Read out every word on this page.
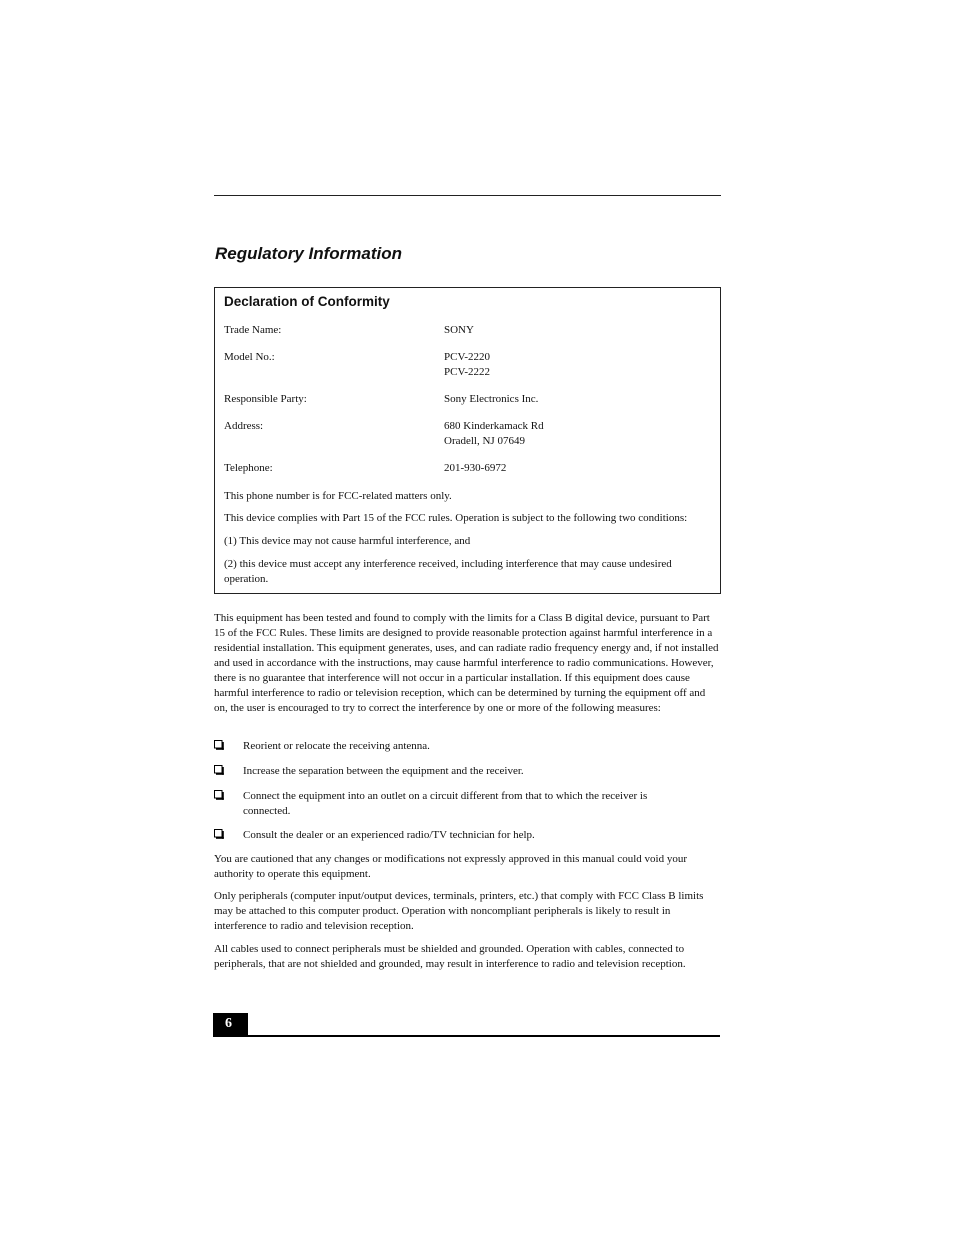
Regulatory Information
Declaration of Conformity
Trade Name:	SONY
Model No.:	PCV-2220
PCV-2222
Responsible Party:	Sony Electronics Inc.
Address:	680 Kinderkamack Rd
Oradell, NJ 07649
Telephone:	201-930-6972

This phone number is for FCC-related matters only.

This device complies with Part 15 of the FCC rules. Operation is subject to the following two conditions:

(1) This device may not cause harmful interference, and

(2) this device must accept any interference received, including interference that may cause undesired operation.

This equipment has been tested and found to comply with the limits for a Class B digital device, pursuant to Part 15 of the FCC Rules. These limits are designed to provide reasonable protection against harmful interference in a residential installation. This equipment generates, uses, and can radiate radio frequency energy and, if not installed and used in accordance with the instructions, may cause harmful interference to radio communications. However, there is no guarantee that interference will not occur in a particular installation. If this equipment does cause harmful interference to radio or television reception, which can be determined by turning the equipment off and on, the user is encouraged to try to correct the interference by one or more of the following measures:

Reorient or relocate the receiving antenna.
Increase the separation between the equipment and the receiver.
Connect the equipment into an outlet on a circuit different from that to which the receiver is connected.
Consult the dealer or an experienced radio/TV technician for help.

You are cautioned that any changes or modifications not expressly approved in this manual could void your authority to operate this equipment.

Only peripherals (computer input/output devices, terminals, printers, etc.) that comply with FCC Class B limits may be attached to this computer product. Operation with noncompliant peripherals is likely to result in interference to radio and television reception.

All cables used to connect peripherals must be shielded and grounded. Operation with cables, connected to peripherals, that are not shielded and grounded, may result in interference to radio and television reception.

6
